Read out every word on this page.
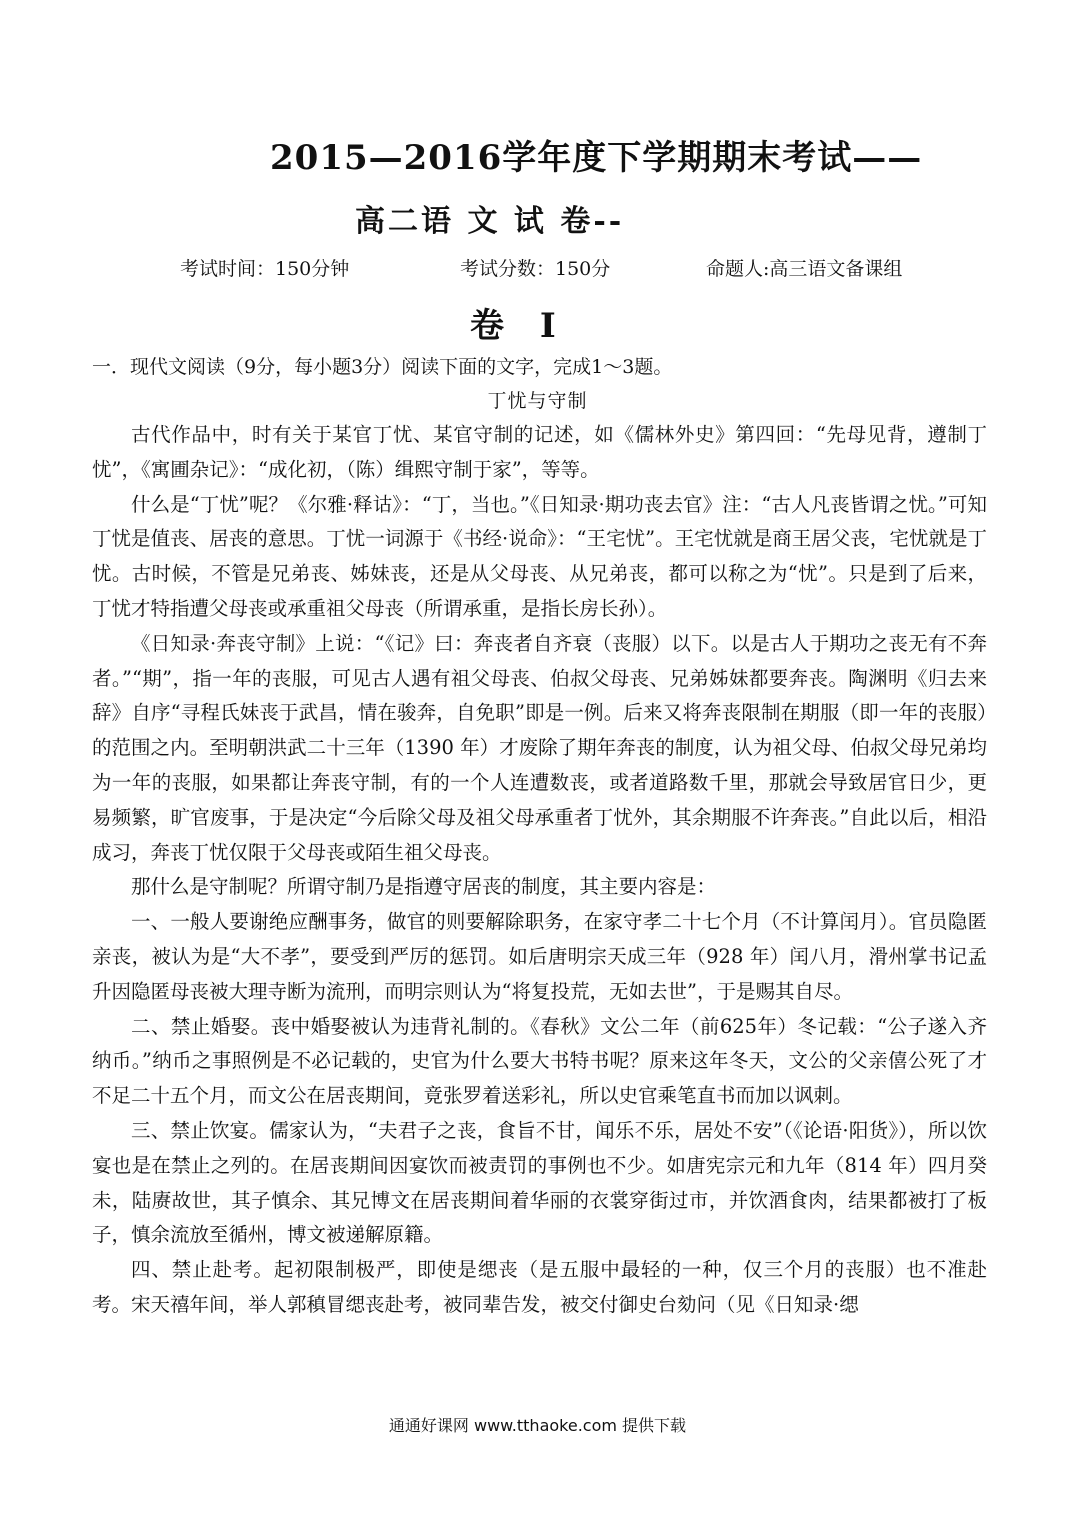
2015—2016学年度下学期期末考试——
高二语 文 试 卷--
考试时间：150分钟	考试分数：150分	命题人:高三语文备课组
卷 I
一．现代文阅读（9分，每小题3分）阅读下面的文字，完成1～3题。
丁忧与守制

古代作品中，时有关于某官丁忧、某官守制的记述，如《儒林外史》第四回：“先母见背，遵制丁忧”，《寓圃杂记》：“成化初，（陈）缉熙守制于家”，等等。

什么是“丁忧”呢？《尔雅·释诂》：“丁，当也。”《日知录·期功丧去官》注：“古人凡丧皆谓之忧。”可知丁忧是值丧、居丧的意思。丁忧一词源于《书经·说命》：“王宅忧”。王宅忧就是商王居父丧，宅忧就是丁忧。古时候，不管是兄弟丧、姊妹丧，还是从父母丧、从兄弟丧，都可以称之为“忧”。只是到了后来，丁忧才特指遭父母丧或承重祖父母丧（所谓承重，是指长房长孙）。

《日知录·奔丧守制》上说：“《记》曰：奔丧者自齐衰（丧服）以下。以是古人于期功之丧无有不奔者。”“期”，指一年的丧服，可见古人遇有祖父母丧、伯叔父母丧、兄弟姊妹都要奔丧。陶渊明《归去来辞》自序“寻程氏妹丧于武昌，情在骏奔，自免职”即是一例。后来又将奔丧限制在期服（即一年的丧服）的范围之内。至明朝洪武二十三年（1390 年）才废除了期年奔丧的制度，认为祖父母、伯叔父母兄弟均为一年的丧服，如果都让奔丧守制，有的一个人连遭数丧，或者道路数千里，那就会导致居官日少，更易频繁，旷官废事，于是决定“今后除父母及祖父母承重者丁忧外，其余期服不许奔丧。”自此以后，相沿成习，奔丧丁忧仅限于父母丧或陌生祖父母丧。

那什么是守制呢？所谓守制乃是指遵守居丧的制度，其主要内容是：

一、一般人要谢绝应酬事务，做官的则要解除职务，在家守孝二十七个月（不计算闰月）。官员隐匿亲丧，被认为是“大不孝”，要受到严厉的惩罚。如后唐明宗天成三年（928 年）闰八月，滑州掌书记孟升因隐匿母丧被大理寺断为流刑，而明宗则认为“将复投荒，无如去世”，于是赐其自尽。

二、禁止婚娶。丧中婚娶被认为违背礼制的。《春秋》文公二年（前625年）冬记载：“公子遂入齐纳币。”纳币之事照例是不必记载的，史官为什么要大书特书呢？原来这年冬天，文公的父亲僖公死了才不足二十五个月，而文公在居丧期间，竟张罗着送彩礼，所以史官乘笔直书而加以讽刺。

三、禁止饮宴。儒家认为，“夫君子之丧，食旨不甘，闻乐不乐，居处不安”（《论语·阳货》），所以饮宴也是在禁止之列的。在居丧期间因宴饮而被责罚的事例也不少。如唐宪宗元和九年（814 年）四月癸未，陆赓故世，其子慎余、其兄博文在居丧期间着华丽的衣裳穿街过市，并饮酒食肉，结果都被打了板子，慎余流放至循州，博文被递解原籍。

四、禁止赴考。起初限制极严，即使是缌丧（是五服中最轻的一种，仅三个月的丧服）也不准赴考。宋天禧年间，举人郭稹冒缌丧赴考，被同辈告发，被交付御史台劾问（见《日知录·缌

通通好课网 www.tthaoke.com 提供下载
